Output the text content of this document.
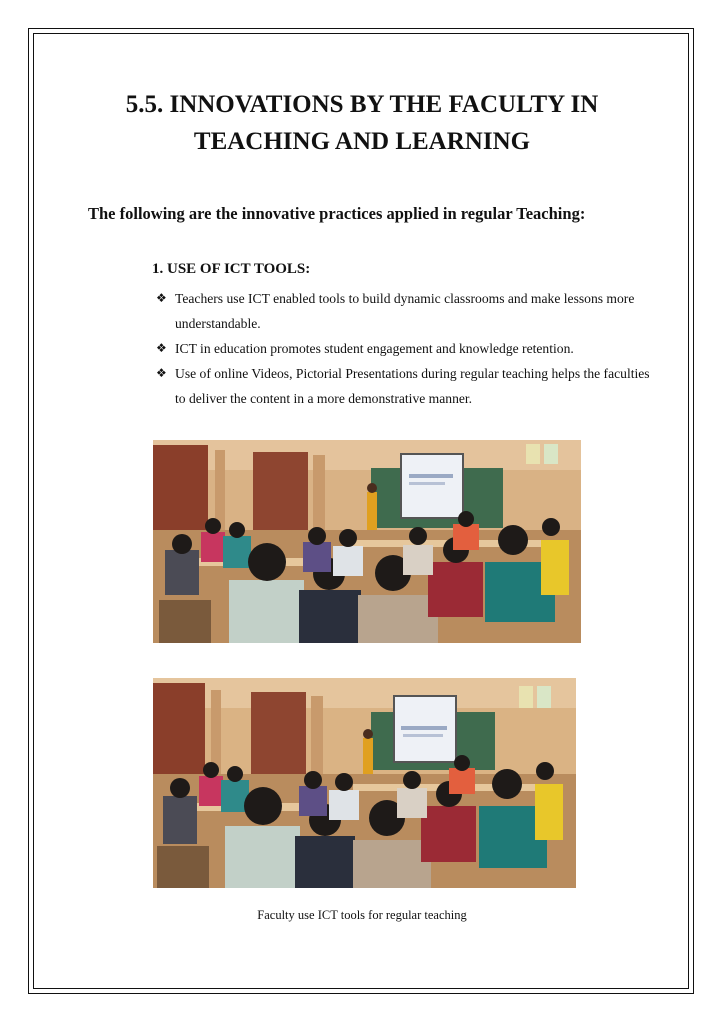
5.5. INNOVATIONS BY THE FACULTY IN
TEACHING AND LEARNING

The following are the innovative practices applied in regular Teaching:

1. USE OF ICT TOOLS:

❖ Teachers use ICT enabled tools to build dynamic classrooms and make lessons more understandable.
❖ ICT in education promotes student engagement and knowledge retention.
❖ Use of online Videos, Pictorial Presentations during regular teaching helps the faculties to deliver the content in a more demonstrative manner.

Faculty use ICT tools for regular teaching
